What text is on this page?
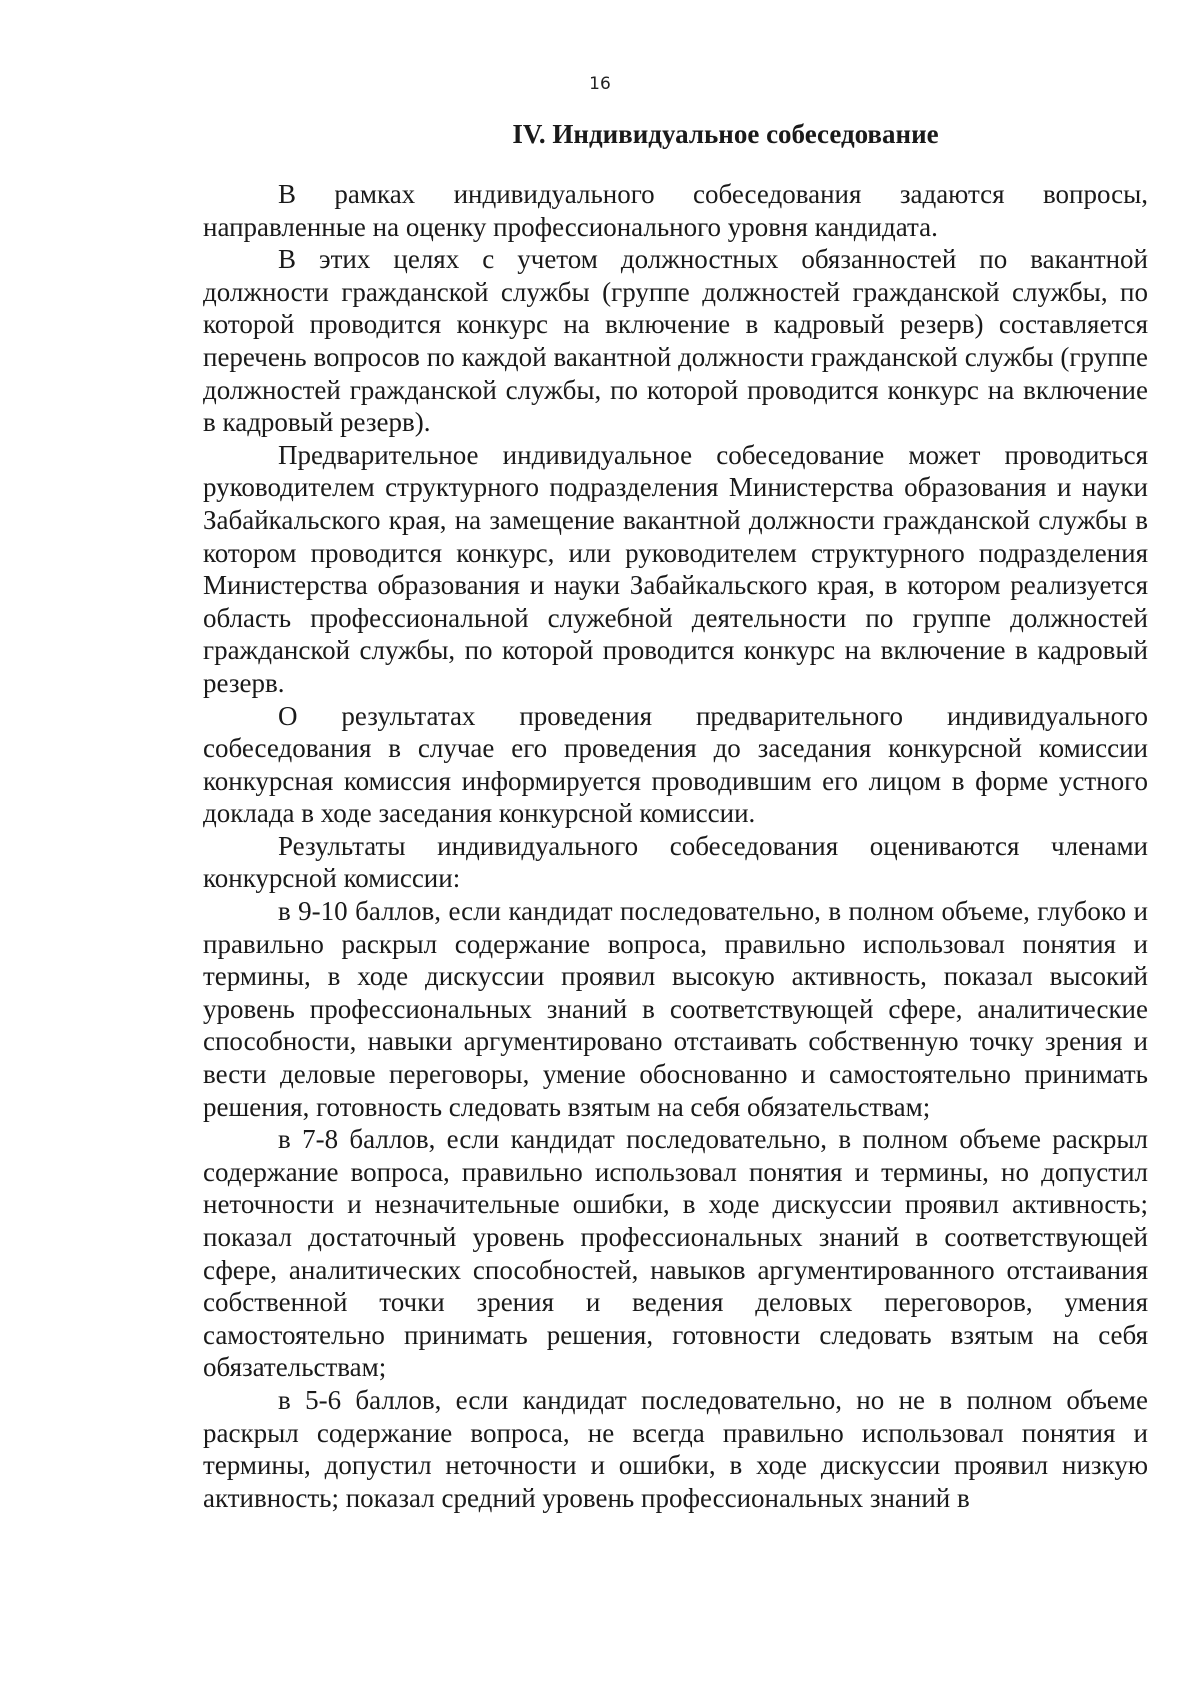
16
IV. Индивидуальное собеседование

В рамках индивидуального собеседования задаются вопросы, направленные на оценку профессионального уровня кандидата.

В этих целях с учетом должностных обязанностей по вакантной должности гражданской службы (группе должностей гражданской службы, по которой проводится конкурс на включение в кадровый резерв) составляется перечень вопросов по каждой вакантной должности гражданской службы (группе должностей гражданской службы, по которой проводится конкурс на включение в кадровый резерв).

Предварительное индивидуальное собеседование может проводиться руководителем структурного подразделения Министерства образования и науки Забайкальского края, на замещение вакантной должности гражданской службы в котором проводится конкурс, или руководителем структурного подразделения Министерства образования и науки Забайкальского края, в котором реализуется область профессиональной служебной деятельности по группе должностей гражданской службы, по которой проводится конкурс на включение в кадровый резерв.

О результатах проведения предварительного индивидуального собеседования в случае его проведения до заседания конкурсной комиссии конкурсная комиссия информируется проводившим его лицом в форме устного доклада в ходе заседания конкурсной комиссии.

Результаты индивидуального собеседования оцениваются членами конкурсной комиссии:

в 9-10 баллов, если кандидат последовательно, в полном объеме, глубоко и правильно раскрыл содержание вопроса, правильно использовал понятия и термины, в ходе дискуссии проявил высокую активность, показал высокий уровень профессиональных знаний в соответствующей сфере, аналитические способности, навыки аргументировано отстаивать собственную точку зрения и вести деловые переговоры, умение обоснованно и самостоятельно принимать решения, готовность следовать взятым на себя обязательствам;

в 7-8 баллов, если кандидат последовательно, в полном объеме раскрыл содержание вопроса, правильно использовал понятия и термины, но допустил неточности и незначительные ошибки, в ходе дискуссии проявил активность; показал достаточный уровень профессиональных знаний в соответствующей сфере, аналитических способностей, навыков аргументированного отстаивания собственной точки зрения и ведения деловых переговоров, умения самостоятельно принимать решения, готовности следовать взятым на себя обязательствам;

в 5-6 баллов, если кандидат последовательно, но не в полном объеме раскрыл содержание вопроса, не всегда правильно использовал понятия и термины, допустил неточности и ошибки, в ходе дискуссии проявил низкую активность; показал средний уровень профессиональных знаний в
